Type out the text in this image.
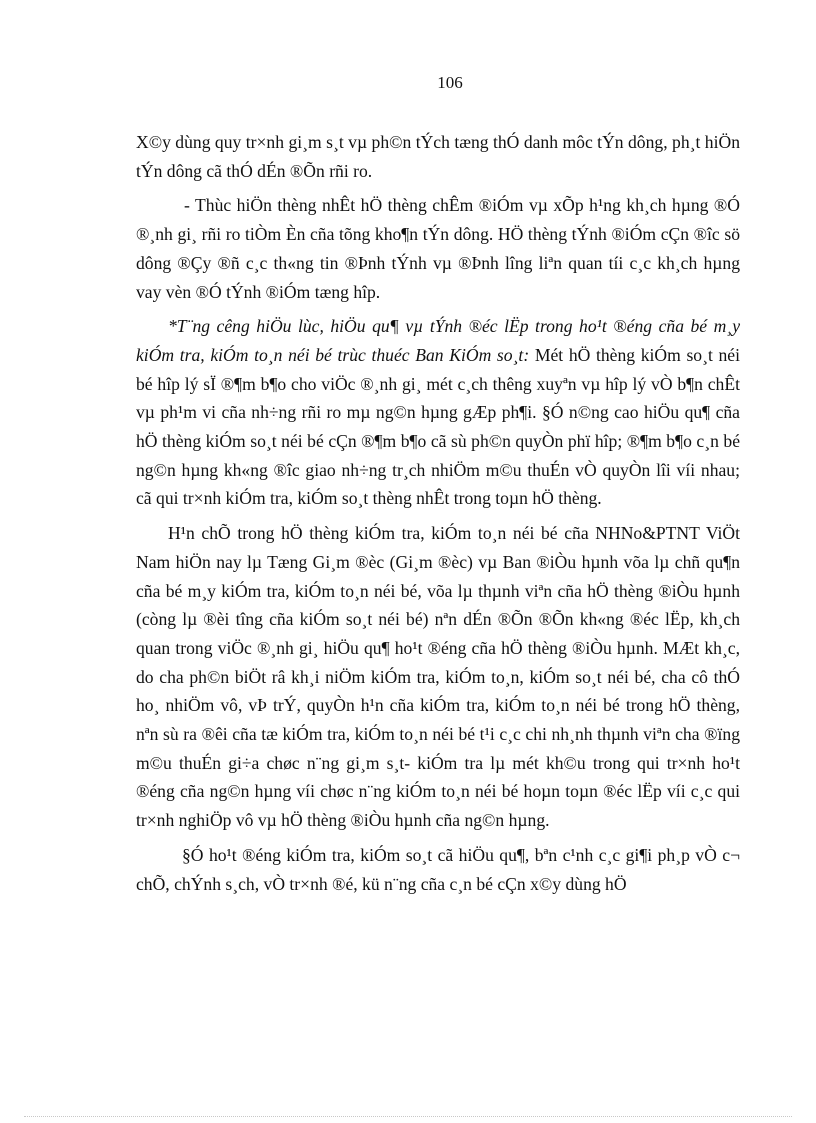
106

X©y dùng quy tr×nh gi¸m s¸t vµ ph©n tÝch tæng thÓ danh môc tÝn dông, ph¸t hiÖn tÝn dông cã thÓ dÉn ®Õn rñi ro.

- Thùc hiÖn thèng nhÊt hÖ thèng chÊm ®iÓm vµ xÕp h¹ng kh¸ch hµng ®Ó ®¸nh gi¸ rñi ro tiÒm Èn cña tõng kho¶n tÝn dông. HÖ thèng tÝnh ®iÓm cÇn ®îc sö dông ®Çy ®ñ c¸c th«ng tin ®Þnh tÝnh vµ ®Þnh lîng liªn quan tíi c¸c kh¸ch hµng vay vèn ®Ó tÝnh ®iÓm tæng hîp.

*T¨ng cêng hiÖu lùc, hiÖu qu¶ vµ tÝnh ®éc lËp trong ho¹t ®éng cña bé m¸y kiÓm tra, kiÓm to¸n néi bé trùc thuéc Ban KiÓm so¸t: Mét hÖ thèng kiÓm so¸t néi bé hîp lý sÏ ®¶m b¶o cho viÖc ®¸nh gi¸ mét c¸ch thêng xuyªn vµ hîp lý vÒ b¶n chÊt vµ ph¹m vi cña nh÷ng rñi ro mµ ng©n hµng gÆp ph¶i. §Ó n©ng cao hiÖu qu¶ cña hÖ thèng kiÓm so¸t néi bé cÇn ®¶m b¶o cã sù ph©n quyÒn phï hîp; ®¶m b¶o c¸n bé ng©n hµng kh«ng ®îc giao nh÷ng tr¸ch nhiÖm m©u thuÉn vÒ quyÒn lîi víi nhau; cã qui tr×nh kiÓm tra, kiÓm so¸t thèng nhÊt trong toµn hÖ thèng.

H¹n chÕ trong hÖ thèng kiÓm tra, kiÓm to¸n néi bé cña NHNo&PTNT ViÖt Nam hiÖn nay lµ Tæng Gi¸m ®èc (Gi¸m ®èc) vµ Ban ®iÒu hµnh võa lµ chñ qu¶n cña bé m¸y kiÓm tra, kiÓm to¸n néi bé, võa lµ thµnh viªn cña hÖ thèng ®iÒu hµnh (còng lµ ®èi tîng cña kiÓm so¸t néi bé) nªn dÉn ®Õn ®Õn kh«ng ®éc lËp, kh¸ch quan trong viÖc ®¸nh gi¸ hiÖu qu¶ ho¹t ®éng cña hÖ thèng ®iÒu hµnh. MÆt kh¸c, do cha ph©n biÖt râ kh¸i niÖm kiÓm tra, kiÓm to¸n, kiÓm so¸t néi bé, cha cô thÓ ho¸ nhiÖm vô, vÞ trÝ, quyÒn h¹n cña kiÓm tra, kiÓm to¸n néi bé trong hÖ thèng, nªn sù ra ®êi cña tæ kiÓm tra, kiÓm to¸n néi bé t¹i c¸c chi nh¸nh thµnh viªn cha ®ïng m©u thuÉn gi÷a chøc n¨ng gi¸m s¸t- kiÓm tra lµ mét kh©u trong qui tr×nh ho¹t ®éng cña ng©n hµng víi chøc n¨ng kiÓm to¸n néi bé hoµn toµn ®éc lËp víi c¸c qui tr×nh nghiÖp vô vµ hÖ thèng ®iÒu hµnh cña ng©n hµng.

§Ó ho¹t ®éng kiÓm tra, kiÓm so¸t cã hiÖu qu¶, bªn c¹nh c¸c gi¶i ph¸p vÒ c¬ chÕ, chÝnh s¸ch, vÒ tr×nh ®é, kü n¨ng cña c¸n bé cÇn x©y dùng hÖ
